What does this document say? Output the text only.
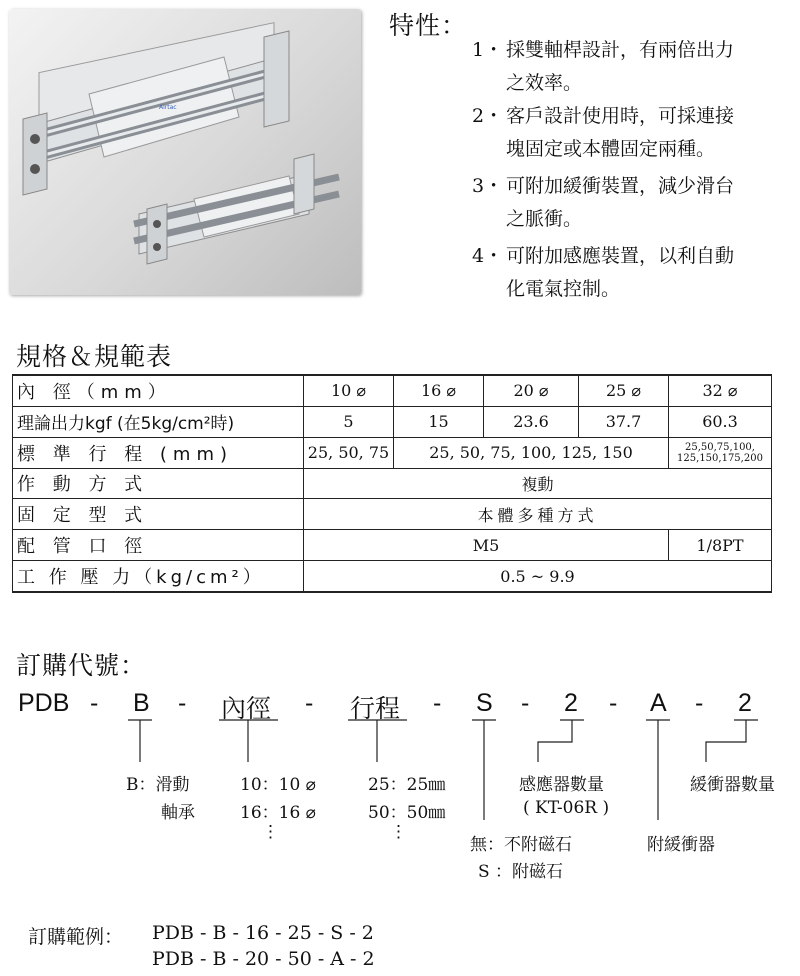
Airtac
特性：
1・ 採雙軸桿設計，有兩倍出力
之效率。
2・ 客戶設計使用時，可採連接
塊固定或本體固定兩種。
3・ 可附加緩衝裝置，減少滑台
之脈衝。
4・ 可附加感應裝置，以利自動
化電氣控制。
規格＆規範表
內 徑（mm）	10 ⌀	16 ⌀	20 ⌀	25 ⌀	32 ⌀
理論出力kgf (在5kg/cm²時)	5	15	23.6	37.7	60.3
標 準 行 程 (mm)	25, 50, 75	25, 50, 75, 100, 125, 150			25,50,75,100,
125,150,175,200

作 動 方 式	複動				
固 定 型 式	本體多種方式				
配 管 口 徑	M5				1/8PT
工 作 壓 力（kg/cm²）	0.5 ~ 9.9				
訂購代號：
PDB - B - 內徑 - 行程 - S - 2 - A - 2
B：滑動
軸承
10：10 ⌀
16：16 ⌀
⋮
25：25㎜
50：50㎜
⋮
感應器數量
( KT-06R )
緩衝器數量
無：不附磁石
S ：附磁石
附緩衝器
訂購範例： PDB - B - 16 - 25 - S - 2
PDB - B - 20 - 50 - A - 2
